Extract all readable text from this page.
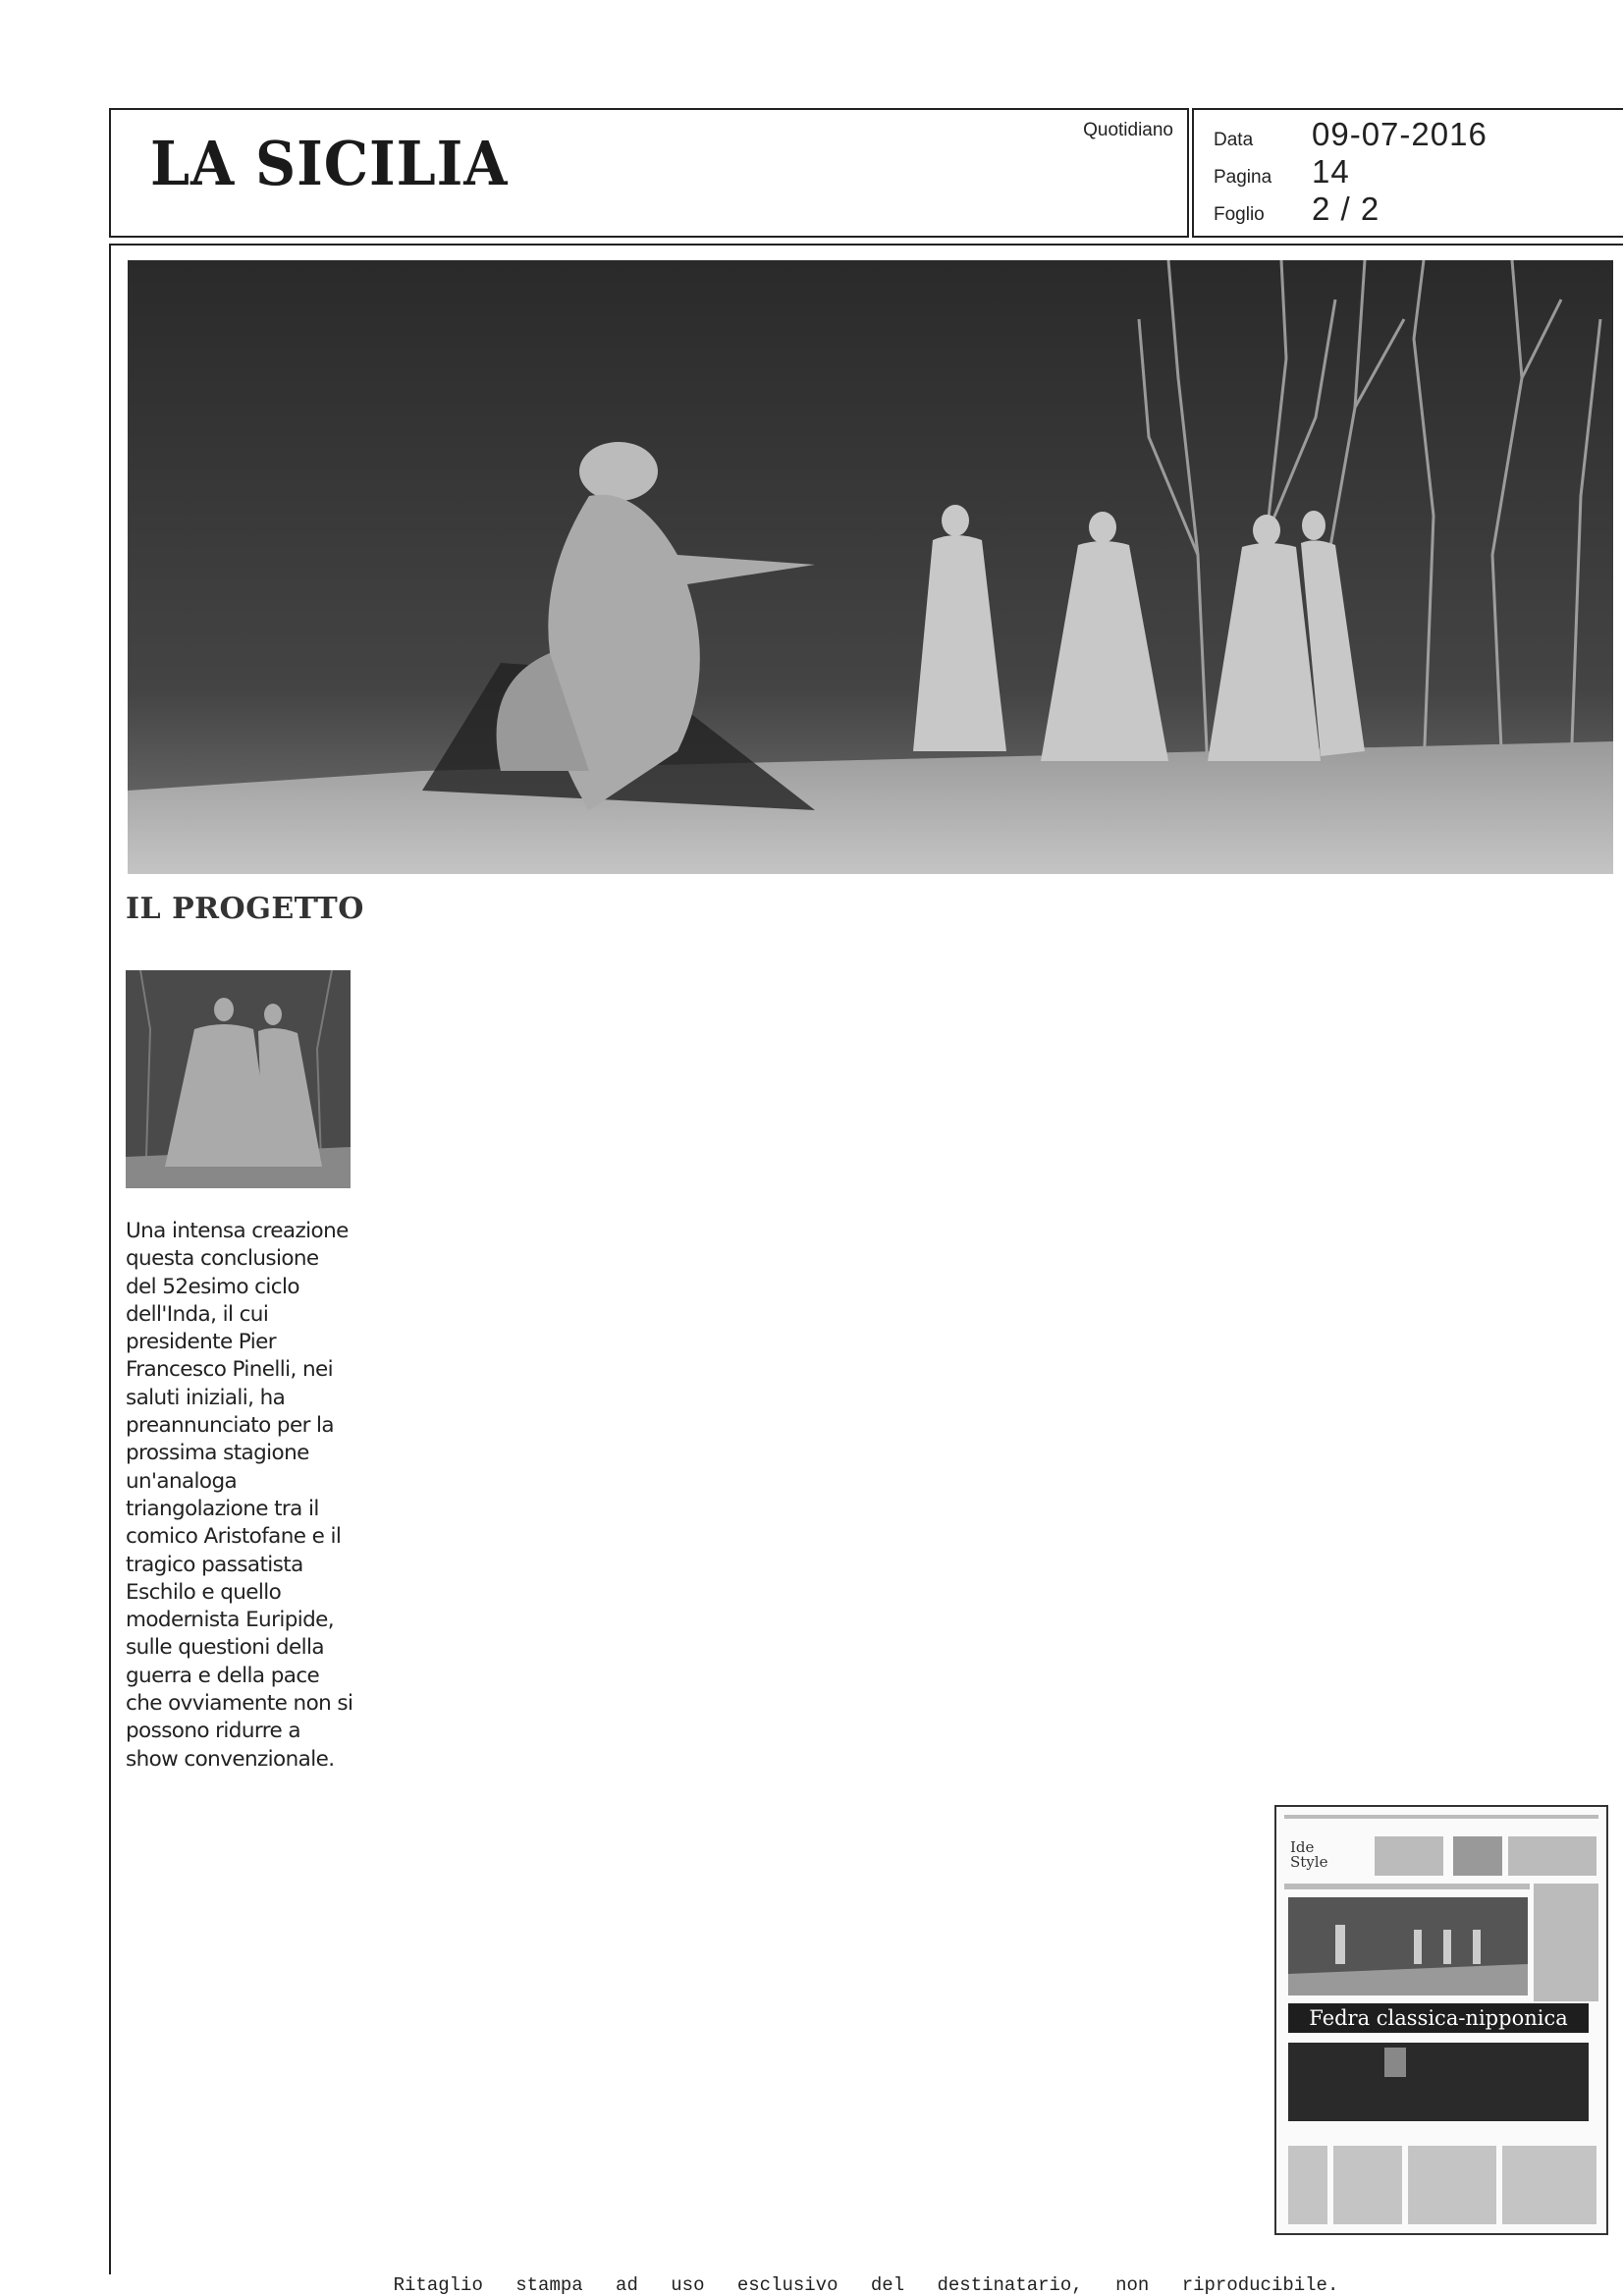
LA SICILIA	Quotidiano Data	09-07-2016
Pagina	14
Foglio	2 / 2
IL PROGETTO
Una intensa creazione
questa conclusione
del 52esimo ciclo
dell'Inda, il cui
presidente Pier
Francesco Pinelli, nei
saluti iniziali, ha
preannunciato per la
prossima stagione
un'analoga
triangolazione tra il
comico Aristofane e il
tragico passatista
Eschilo e quello
modernista Euripide,
sulle questioni della
guerra e della pace
che ovviamente non si
possono ridurre a
show convenzionale.
Ide
Style
Fedra classica-nipponica
Ritaglio stampa ad uso esclusivo del destinatario, non riproducibile.
